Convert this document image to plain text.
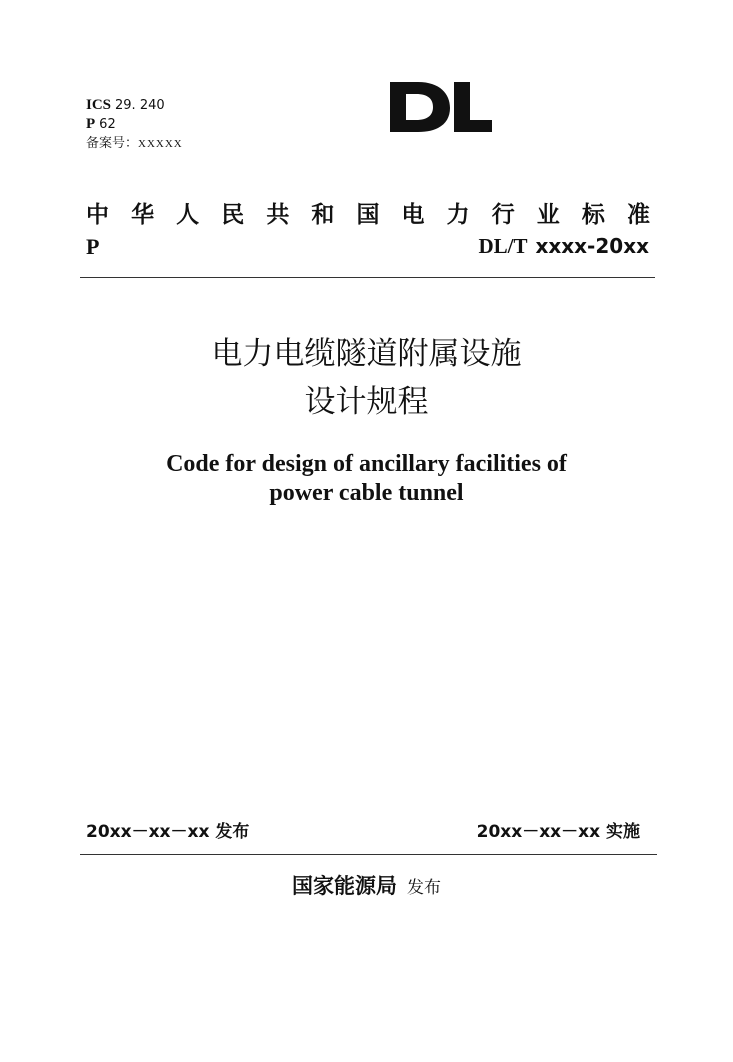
ICS 29. 240
P 62
备案号：XXXXX
中 华 人 民 共 和 国 电 力 行 业 标 准
P	DL/T xxxx-20xx
电力电缆隧道附属设施
设计规程
Code for design of ancillary facilities of
power cable tunnel
20xx－xx－xx 发布	20xx－xx－xx 实施
国家能源局 发布
